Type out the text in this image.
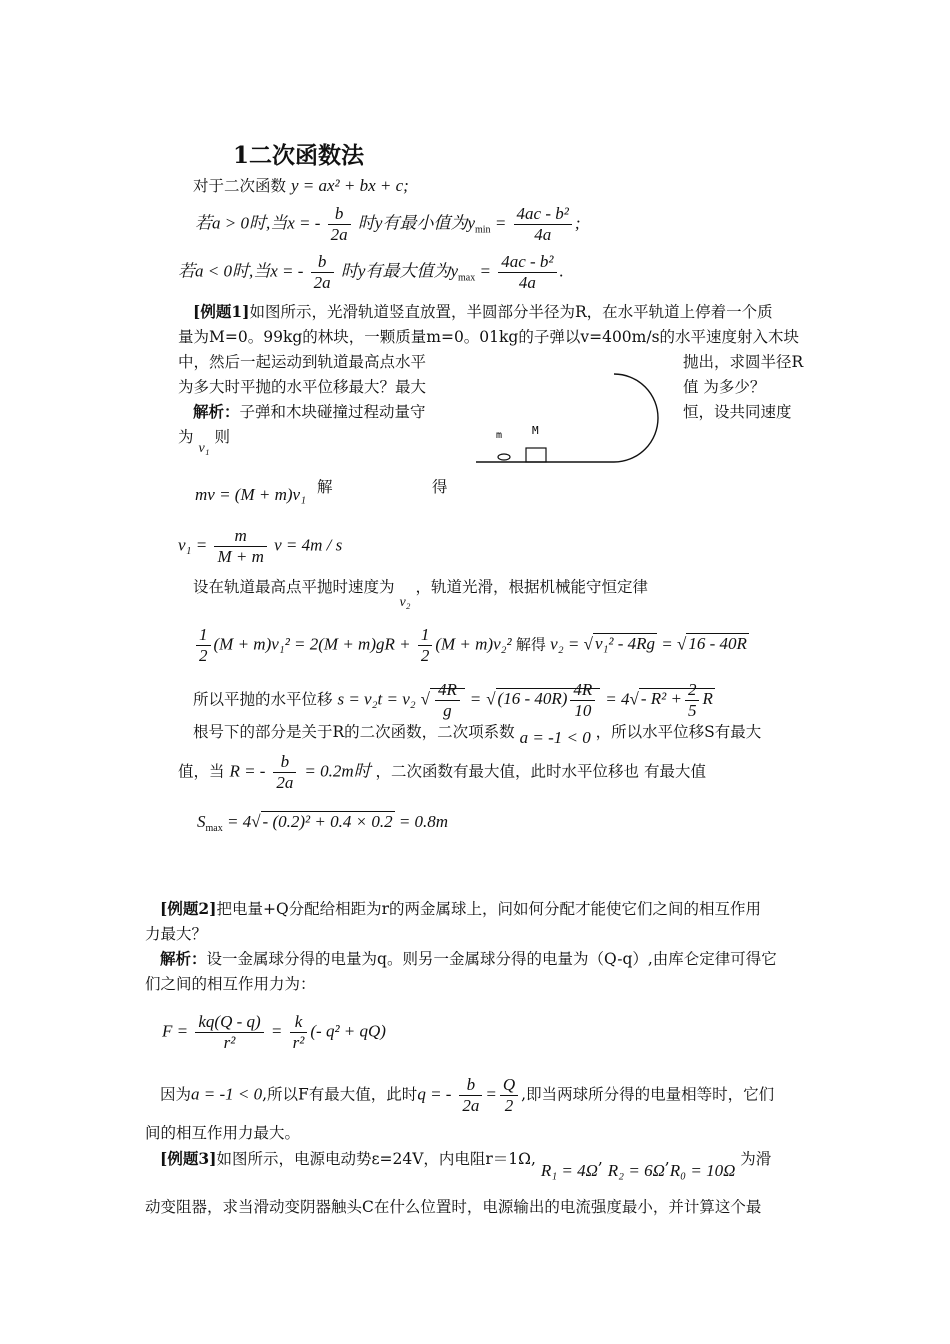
1二次函数法
对于二次函数 y = ax² + bx + c;
若a > 0时,当x = - $\frac{b}{2a}$ 时y有最小值为$y_{min} = \frac{\text{4ac - b²}}{4a}$ ;
若a < 0时,当x = - $\frac{b}{2a}$ 时y有最大值为$y_{max} = \frac{\text{4ac - b²}}{4a}$ .
[例题1]如图所示，光滑轨道竖直放置，半圆部分半径为R，在水平轨道上停着一个质
量为M=0。99kg的林块，一颗质量m=0。01kg的子弹以v=400m/s的水平速度射入木块
中，然后一起运动到轨道最高点水平	抛出，求圆半径R
为多大时平抛的水平位移最大？最大	值 为多少？
解析：子弹和木块碰撞过程动量守	恒，设共同速度
为 v₁ 则	m	M
mv = (M + m)v₁ 解	得
$v_1 = \frac{m}{M + m}$ v = 4m / s
设在轨道最高点平抛时速度为 v₂ ，轨道光滑，根据机械能守恒定律
$\frac{1}{2} (M + m)v_1^2 = 2(M + m)gR + \frac{1}{2} (M + m)v_2^2$ 解得 v₂ = √ v₁² - 4Rg = √ 16 - 40R
所以平抛的水平位移 s = v₂t = v₂ √ $\frac{4R}{g}$ = √ $(16 - 40R) \frac{4R}{10} = 4√ - R^2 + \frac{2}{5}$ R
根号下的部分是关于R的二次函数，二次项系数 a = -1 < 0 ，所以水平位移S有最大
值，当 R = - $\frac{b}{2a} = 0.2m$时 ，二次函数有最大值，此时水平位移也 有最大值
$S_{max} = 4√ - (0.2)^2 + 0.4 \times 0.2 = 0.8m$
[例题2]把电量+Q分配给相距为r的两金属球上，问如何分配才能使它们之间的相互作用
力最大？
解析：设一金属球分得的电量为q。则另一金属球分得的电量为（Q-q）,由库仑定律可得它
们之间的相互作用力为：
$F = \frac{kq(Q - q)}{\text{r²}} = \frac{k}{\text{r²}}$ (- q² + qQ)
因为a = -1 < 0,所以F有最大值，此时q = - $\frac{b}{2a} = \frac{Q}{2}$ ,即当两球所分得的电量相等时，它们
间的相互作用力最大。
[例题3]如图所示，电源电动势ε=24V，内电阻r＝1Ω, R₁ = 4Ω, R₂ = 6Ω,R₀ = 10Ω 为滑
动变阻器，求当滑动变阴器触头C在什么位置时，电源输出的电流强度最小，并计算这个最
